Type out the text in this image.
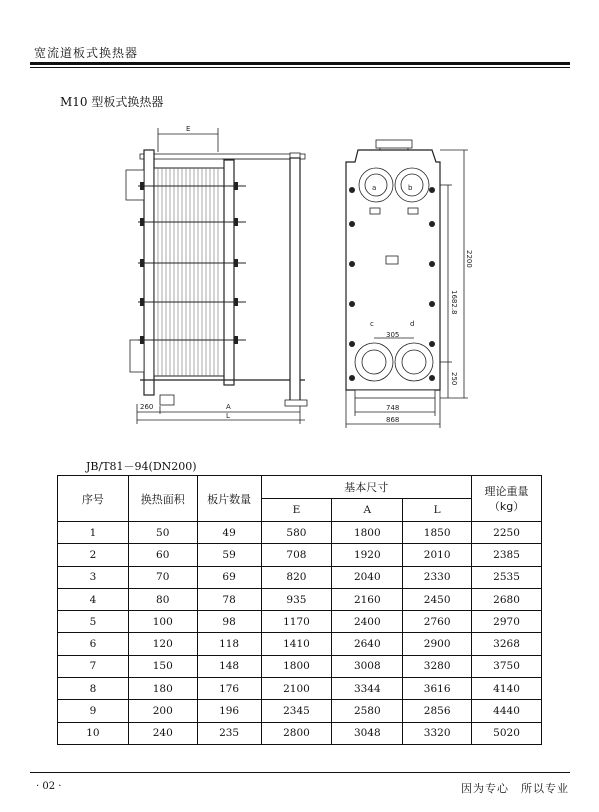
宽流道板式换热器
M10 型板式换热器
E
260	A
L
a	b
c	d
305
1682.8
2200
250
748
868
JB/T81－94(DN200)
序号	换热面积	板片数量	基本尺寸			理论重量
（kg）

			E	A	L	
1	50	49	580	1800	1850	2250
2	60	59	708	1920	2010	2385
3	70	69	820	2040	2330	2535
4	80	78	935	2160	2450	2680
5	100	98	1170	2400	2760	2970
6	120	118	1410	2640	2900	3268
7	150	148	1800	3008	3280	3750
8	180	176	2100	3344	3616	4140
9	200	196	2345	2580	2856	4440
10	240	235	2800	3048	3320	5020
· 02 ·	因为专心　所以专业
